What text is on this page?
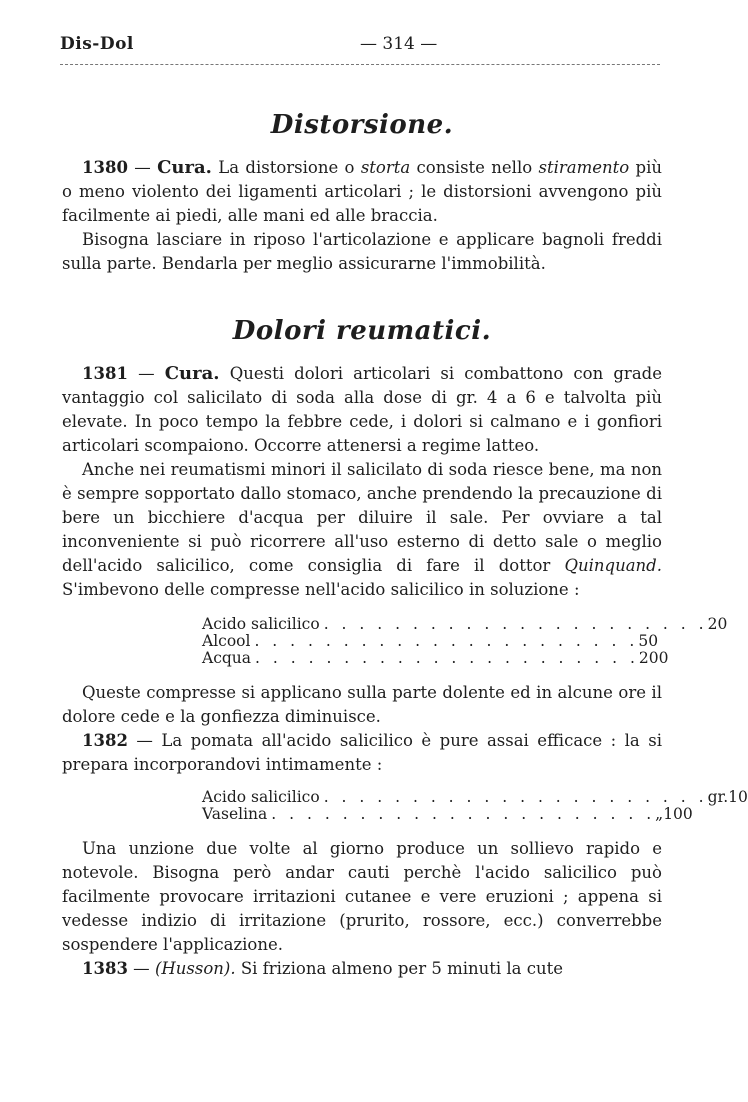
Dis-Dol	— 314 —
Distorsione.

1380 — Cura. La distorsione o storta consiste nello stiramento più o meno violento dei ligamenti articolari ; le distorsioni avvengono più facilmente ai piedi, alle mani ed alle braccia.

Bisogna lasciare in riposo l'articolazione e applicare bagnoli freddi sulla parte. Bendarla per meglio assicurarne l'immobilità.

Dolori reumatici.

1381 — Cura. Questi dolori articolari si combattono con grade vantaggio col salicilato di soda alla dose di gr. 4 a 6 e talvolta più elevate. In poco tempo la febbre cede, i dolori si calmano e i gonfiori articolari scompaiono. Occorre attenersi a regime latteo.

Anche nei reumatismi minori il salicilato di soda riesce bene, ma non è sempre sopportato dallo stomaco, anche prendendo la precauzione di bere un bicchiere d'acqua per diluire il sale. Per ovviare a tal inconveniente si può ricorrere all'uso esterno di detto sale o meglio dell'acido salicilico, come consiglia di fare il dottor Quinquand. S'imbevono delle compresse nell'acido salicilico in soluzione :

Acido salicilico . . . . . . . . . . . . . . . . . . . . . . 20
Alcool . . . . . . . . . . . . . . . . . . . . . . 50
Acqua . . . . . . . . . . . . . . . . . . . . . . 200

Queste compresse si applicano sulla parte dolente ed in alcune ore il dolore cede e la gonfiezza diminuisce.

1382 — La pomata all'acido salicilico è pure assai efficace : la si prepara incorporandovi intimamente :

Acido salicilico . . . . . . . . . . . . . . . . . . . . . . gr. 10
Vaselina . . . . . . . . . . . . . . . . . . . . . . „ 100

Una unzione due volte al giorno produce un sollievo rapido e notevole. Bisogna però andar cauti perchè l'acido salicilico può facilmente provocare irritazioni cutanee e vere eruzioni ; appena si vedesse indizio di irritazione (prurito, rossore, ecc.) converrebbe sospendere l'applicazione.

1383 — (Husson). Si friziona almeno per 5 minuti la cute
